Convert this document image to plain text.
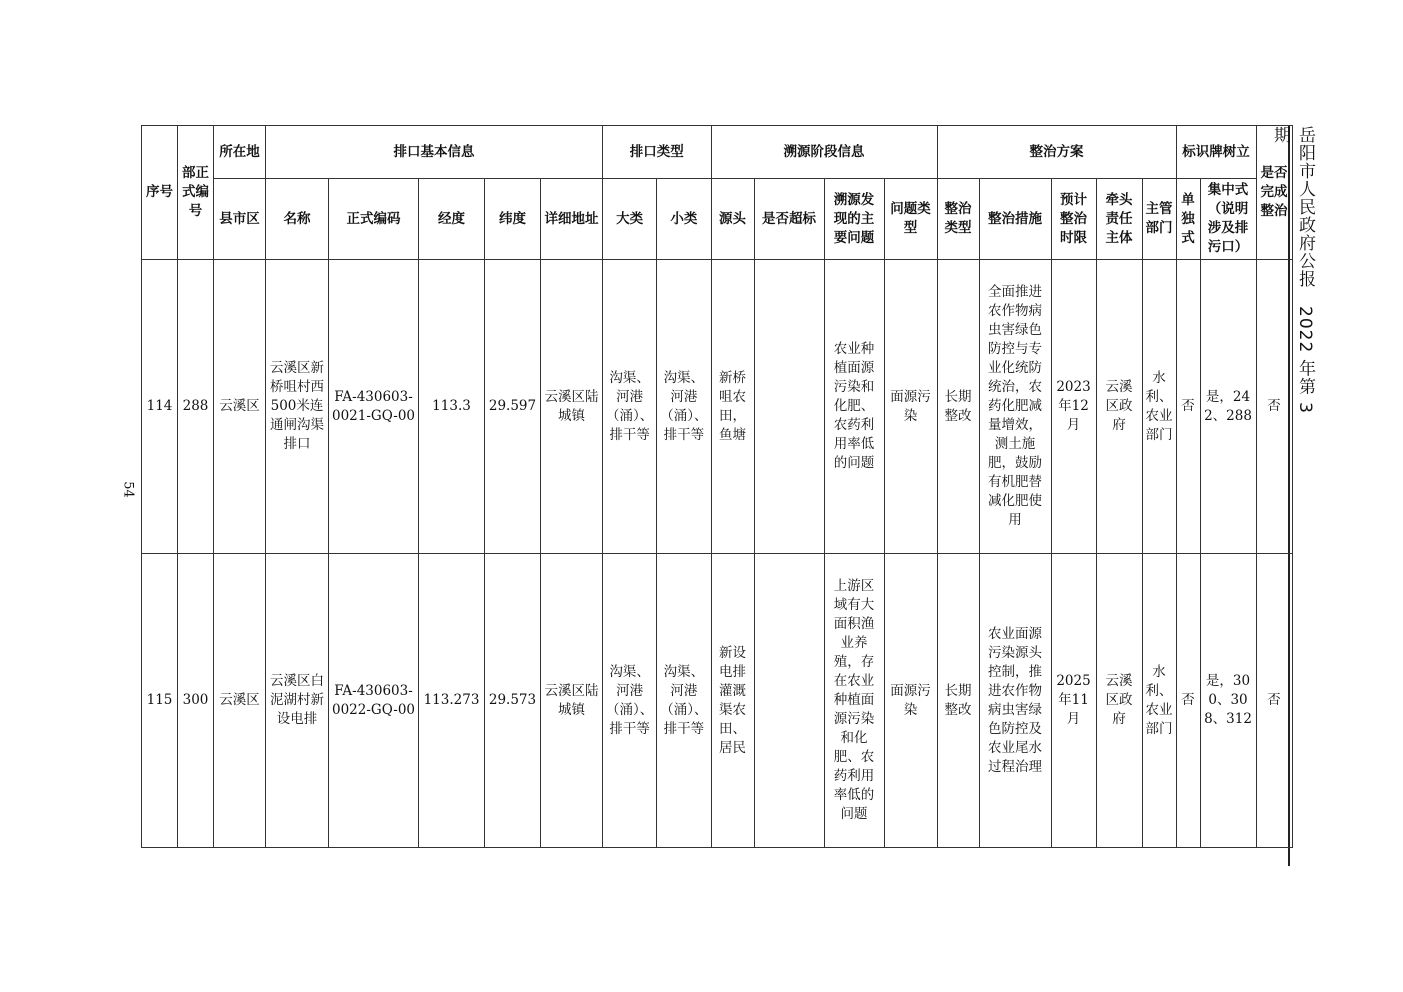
54
岳阳市人民政府公报　2022 年第 3 期
序号	部正式编号	所在地	排口基本信息					排口类型		溯源阶段信息				整治方案					标识牌树立		是否完成整治
		县市区	名称	正式编码	经度	纬度	详细地址	大类	小类	源头	是否超标	溯源发现的主要问题	问题类型	整治类型	整治措施	预计整治时限	牵头责任主体	主管部门	单独式	集中式（说明涉及排污口）	
114	288	云溪区	云溪区新桥咀村西500米连通闸沟渠排口	FA-430603-0021-GQ-00	113.3	29.597	云溪区陆城镇	沟渠、河港（涌）、排干等	沟渠、河港（涌）、排干等	新桥咀农田，鱼塘		农业种植面源污染和化肥、农药利用率低的问题	面源污染	长期整改	全面推进农作物病虫害绿色防控与专业化统防统治，农药化肥减量增效，测土施肥，鼓励有机肥替减化肥使用	2023年12月	云溪区政府	水利、农业部门	否	是，242、288	否
115	300	云溪区	云溪区白泥湖村新设电排	FA-430603-0022-GQ-00	113.273	29.573	云溪区陆城镇	沟渠、河港（涌）、排干等	沟渠、河港（涌）、排干等	新设电排灌溉渠农田、居民		上游区域有大面积渔业养殖，存在农业种植面源污染和化肥、农药利用率低的问题	面源污染	长期整改	农业面源污染源头控制，推进农作物病虫害绿色防控及农业尾水过程治理	2025年11月	云溪区政府	水利、农业部门	否	是，300、308、312	否
